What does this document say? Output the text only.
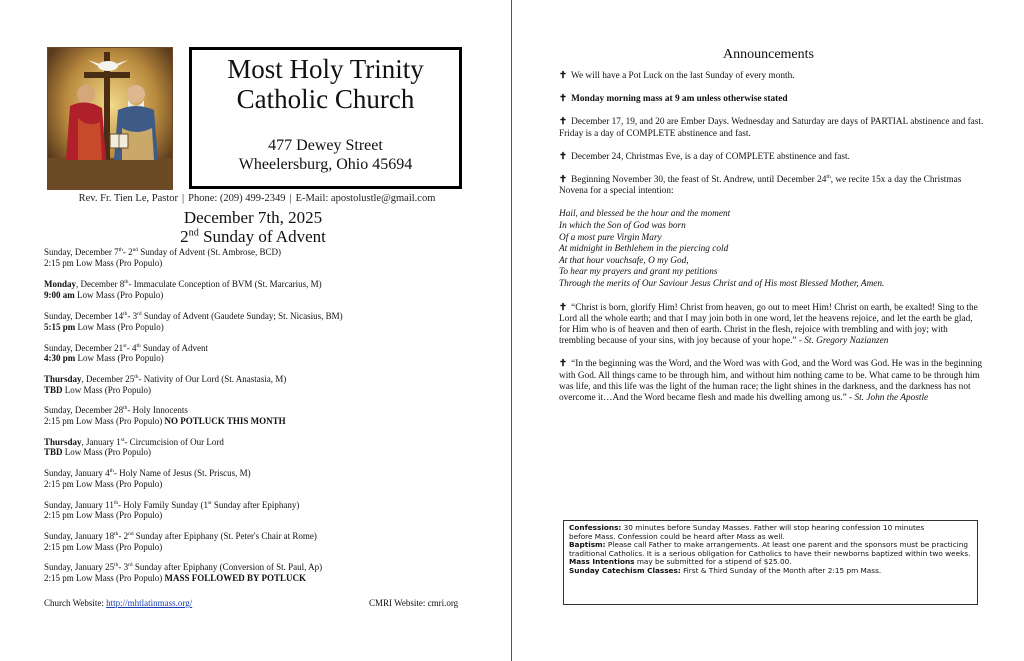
Most Holy Trinity
Catholic Church
477 Dewey Street
Wheelersburg, Ohio 45694
Rev. Fr. Tien Le, Pastor | Phone: (209) 499-2349 | E-Mail: apostolustle@gmail.com
December 7th, 2025
2nd Sunday of Advent
Sunday, December 7th- 2nd Sunday of Advent (St. Ambrose, BCD)
2:15 pm Low Mass (Pro Populo)
Monday, December 8th- Immaculate Conception of BVM (St. Marcarius, M)
9:00 am Low Mass (Pro Populo)
Sunday, December 14th- 3rd Sunday of Advent (Gaudete Sunday; St. Nicasius, BM)
5:15 pm Low Mass (Pro Populo)
Sunday, December 21st- 4th Sunday of Advent
4:30 pm Low Mass (Pro Populo)
Thursday, December 25th- Nativity of Our Lord (St. Anastasia, M)
TBD Low Mass (Pro Populo)
Sunday, December 28th- Holy Innocents
2:15 pm Low Mass (Pro Populo) NO POTLUCK THIS MONTH
Thursday, January 1st- Circumcision of Our Lord
TBD Low Mass (Pro Populo)
Sunday, January 4th- Holy Name of Jesus (St. Priscus, M)
2:15 pm Low Mass (Pro Populo)
Sunday, January 11th- Holy Family Sunday (1st Sunday after Epiphany)
2:15 pm Low Mass (Pro Populo)
Sunday, January 18th- 2nd Sunday after Epiphany (St. Peter's Chair at Rome)
2:15 pm Low Mass (Pro Populo)
Sunday, January 25th- 3rd Sunday after Epiphany (Conversion of St. Paul, Ap)
2:15 pm Low Mass (Pro Populo) MASS FOLLOWED BY POTLUCK
Church Website: http://mhtlatinmass.org/	CMRI Website: cmri.org
Announcements
✝ We will have a Pot Luck on the last Sunday of every month.
✝ Monday morning mass at 9 am unless otherwise stated
✝ December 17, 19, and 20 are Ember Days. Wednesday and Saturday are days of PARTIAL abstinence and fast. Friday is a day of COMPLETE abstinence and fast.
✝ December 24, Christmas Eve, is a day of COMPLETE abstinence and fast.
✝ Beginning November 30, the feast of St. Andrew, until December 24th, we recite 15x a day the Christmas Novena for a special intention:
Hail, and blessed be the hour and the moment
In which the Son of God was born
Of a most pure Virgin Mary
At midnight in Bethlehem in the piercing cold
At that hour vouchsafe, O my God,
To hear my prayers and grant my petitions
Through the merits of Our Saviour Jesus Christ and of His most Blessed Mother, Amen.
✝ “Christ is born, glorify Him! Christ from heaven, go out to meet Him! Christ on earth, be exalted! Sing to the Lord all the whole earth; and that I may join both in one word, let the heavens rejoice, and let the earth be glad, for Him who is of heaven and then of earth. Christ in the flesh, rejoice with trembling and with joy; with trembling because of your sins, with joy because of your hope.” - St. Gregory Nazianzen
✝ “In the beginning was the Word, and the Word was with God, and the Word was God. He was in the beginning with God. All things came to be through him, and without him nothing came to be. What came to be through him was life, and this life was the light of the human race; the light shines in the darkness, and the darkness has not overcome it…And the Word became flesh and made his dwelling among us.” - St. John the Apostle
Confessions: 30 minutes before Sunday Masses. Father will stop hearing confession 10 minutes
before Mass. Confession could be heard after Mass as well.
Baptism: Please call Father to make arrangements. At least one parent and the sponsors must be practicing traditional Catholics. It is a serious obligation for Catholics to have their newborns baptized within two weeks.
Mass Intentions may be submitted for a stipend of $25.00.
Sunday Catechism Classes: First & Third Sunday of the Month after 2:15 pm Mass.
